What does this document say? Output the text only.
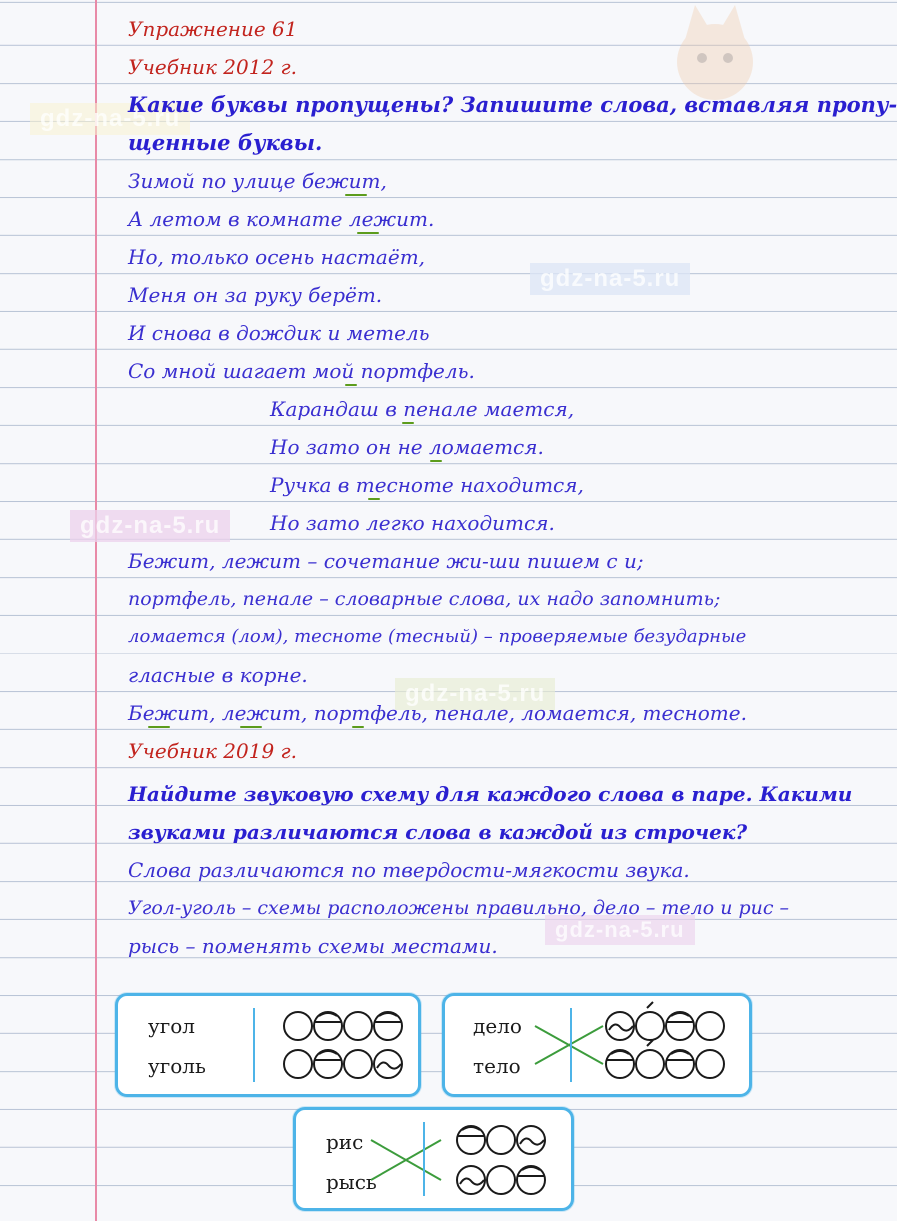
gdz-na-5.ru
gdz-na-5.ru
gdz-na-5.ru
gdz-na-5.ru
gdz-na-5.ru
Упражнение 61
Учебник 2012 г.
Какие буквы пропущены? Запишите слова, вставляя пропу-
щенные буквы.
Зимой по улице бежит,
А летом в комнате лежит.
Но, только осень настаёт,
Меня он за руку берёт.
И снова в дождик и метель
Со мной шагает мой портфель.
Карандаш в пенале мается,
Но зато он не ломается.
Ручка в тесноте находится,
Но зато легко находится.
Бежит, лежит – сочетание жи-ши пишем с и;
портфель, пенале – словарные слова, их надо запомнить;
ломается (лом), тесноте (тесный) – проверяемые безударные
гласные в корне.
Бежит, лежит, портфель, пенале, ломается, тесноте.
Учебник 2019 г.
Найдите звуковую схему для каждого слова в паре. Какими
звуками различаются слова в каждой из строчек?
Слова различаются по твердости-мягкости звука.
Угол-уголь – схемы расположены правильно, дело – тело и рис –
рысь – поменять схемы местами.
угол
уголь
дело
тело
рис
рысь
